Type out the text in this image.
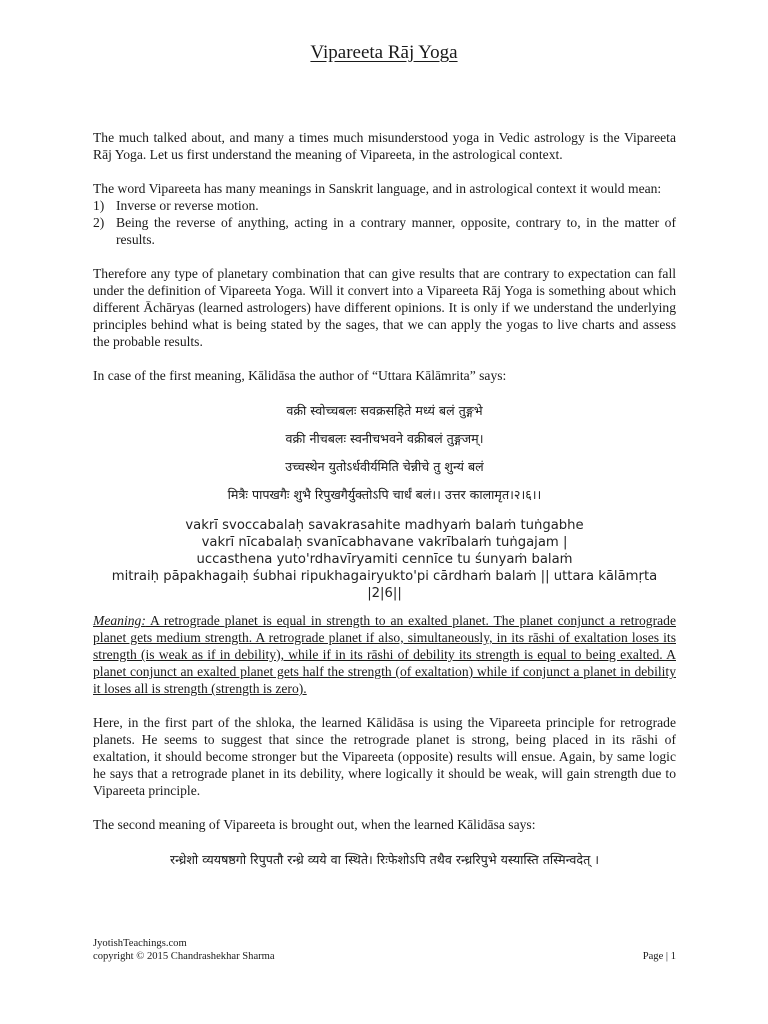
Vipareeta Rāj Yoga

The much talked about, and many a times much misunderstood yoga in Vedic astrology is the Vipareeta Rāj Yoga. Let us first understand the meaning of Vipareeta, in the astrological context.

The word Vipareeta has many meanings in Sanskrit language, and in astrological context it would mean:

1) Inverse or reverse motion.
2) Being the reverse of anything, acting in a contrary manner, opposite, contrary to, in the matter of results.

Therefore any type of planetary combination that can give results that are contrary to expectation can fall under the definition of Vipareeta Yoga. Will it convert into a Vipareeta Rāj Yoga is something about which different Āchāryas (learned astrologers) have different opinions. It is only if we understand the underlying principles behind what is being stated by the sages, that we can apply the yogas to live charts and assess the probable results.

In case of the first meaning, Kālidāsa the author of “Uttara Kālāmrita” says:

वक्री स्वोच्चबलः सवक्रसहिते मध्यं बलं तुङ्गभे
वक्री नीचबलः स्वनीचभवने वक्रीबलं तुङ्गजम्।
उच्चस्थेन युतोऽर्धवीर्यमिति चेन्नीचे तु शुन्यं बलं
मित्रैः पापखगैः शुभै रिपुखगैर्युक्तोऽपि चार्धं बलं।। उत्तर कालामृत।२।६।।
vakrī svoccabalaḥ savakrasahite madhyaṁ balaṁ tuṅgabhe
vakrī nīcabalaḥ svanīcabhavane vakrībalaṁ tuṅgajam |
uccasthena yuto'rdhavīryamiti cennīce tu śunyaṁ balaṁ
mitraiḥ pāpakhagaiḥ śubhai ripukhagairyukto'pi cārdhaṁ balaṁ || uttara kālāmṛta
|2|6||

Meaning: A retrograde planet is equal in strength to an exalted planet. The planet conjunct a retrograde planet gets medium strength. A retrograde planet if also, simultaneously, in its rāshi of exaltation loses its strength (is weak as if in debility), while if in its rāshi of debility its strength is equal to being exalted. A planet conjunct an exalted planet gets half the strength (of exaltation) while if conjunct a planet in debility it loses all is strength (strength is zero).

Here, in the first part of the shloka, the learned Kālidāsa is using the Vipareeta principle for retrograde planets. He seems to suggest that since the retrograde planet is strong, being placed in its rāshi of exaltation, it should become stronger but the Vipareeta (opposite) results will ensue. Again, by same logic he says that a retrograde planet in its debility, where logically it should be weak, will gain strength due to Vipareeta principle.

The second meaning of Vipareeta is brought out, when the learned Kālidāsa says:

रन्ध्रेशो व्ययषष्ठगो रिपुपतौ रन्ध्रे व्यये वा स्थिते। रिःफेशोऽपि तथैव रन्ध्ररिपुभे यस्यास्ति तस्मिन्वदेत् ।
JyotishTeachings.com
copyright © 2015 Chandrashekhar Sharma	Page | 1
